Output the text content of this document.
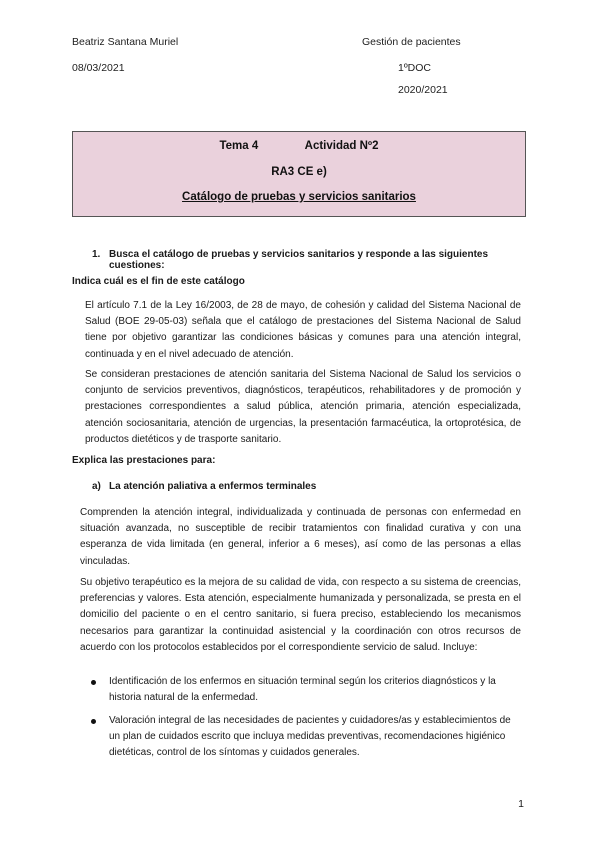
Beatriz Santana Muriel	Gestión de pacientes
08/03/2021	1ºDOC
2020/2021
Tema 4	Actividad Nº2
RA3 CE e)
Catálogo de pruebas y servicios sanitarios
1. Busca el catálogo de pruebas y servicios sanitarios y responde a las siguientes cuestiones:
Indica cuál es el fin de este catálogo
El artículo 7.1 de la Ley 16/2003, de 28 de mayo, de cohesión y calidad del Sistema Nacional de Salud (BOE 29-05-03) señala que el catálogo de prestaciones del Sistema Nacional de Salud tiene por objetivo garantizar las condiciones básicas y comunes para una atención integral, continuada y en el nivel adecuado de atención.
Se consideran prestaciones de atención sanitaria del Sistema Nacional de Salud los servicios o conjunto de servicios preventivos, diagnósticos, terapéuticos, rehabilitadores y de promoción y prestaciones correspondientes a salud pública, atención primaria, atención especializada, atención sociosanitaria, atención de urgencias, la presentación farmacéutica, la ortoprotésica, de productos dietéticos y de trasporte sanitario.
Explica las prestaciones para:
a) La atención paliativa a enfermos terminales
Comprenden la atención integral, individualizada y continuada de personas con enfermedad en situación avanzada, no susceptible de recibir tratamientos con finalidad curativa y con una esperanza de vida limitada (en general, inferior a 6 meses), así como de las personas a ellas vinculadas.
Su objetivo terapéutico es la mejora de su calidad de vida, con respecto a su sistema de creencias, preferencias y valores. Esta atención, especialmente humanizada y personalizada, se presta en el domicilio del paciente o en el centro sanitario, si fuera preciso, estableciendo los mecanismos necesarios para garantizar la continuidad asistencial y la coordinación con otros recursos de acuerdo con los protocolos establecidos por el correspondiente servicio de salud. Incluye:
Identificación de los enfermos en situación terminal según los criterios diagnósticos y la historia natural de la enfermedad.
Valoración integral de las necesidades de pacientes y cuidadores/as y establecimientos de un plan de cuidados escrito que incluya medidas preventivas, recomendaciones higiénico dietéticas, control de los síntomas y cuidados generales.
1
